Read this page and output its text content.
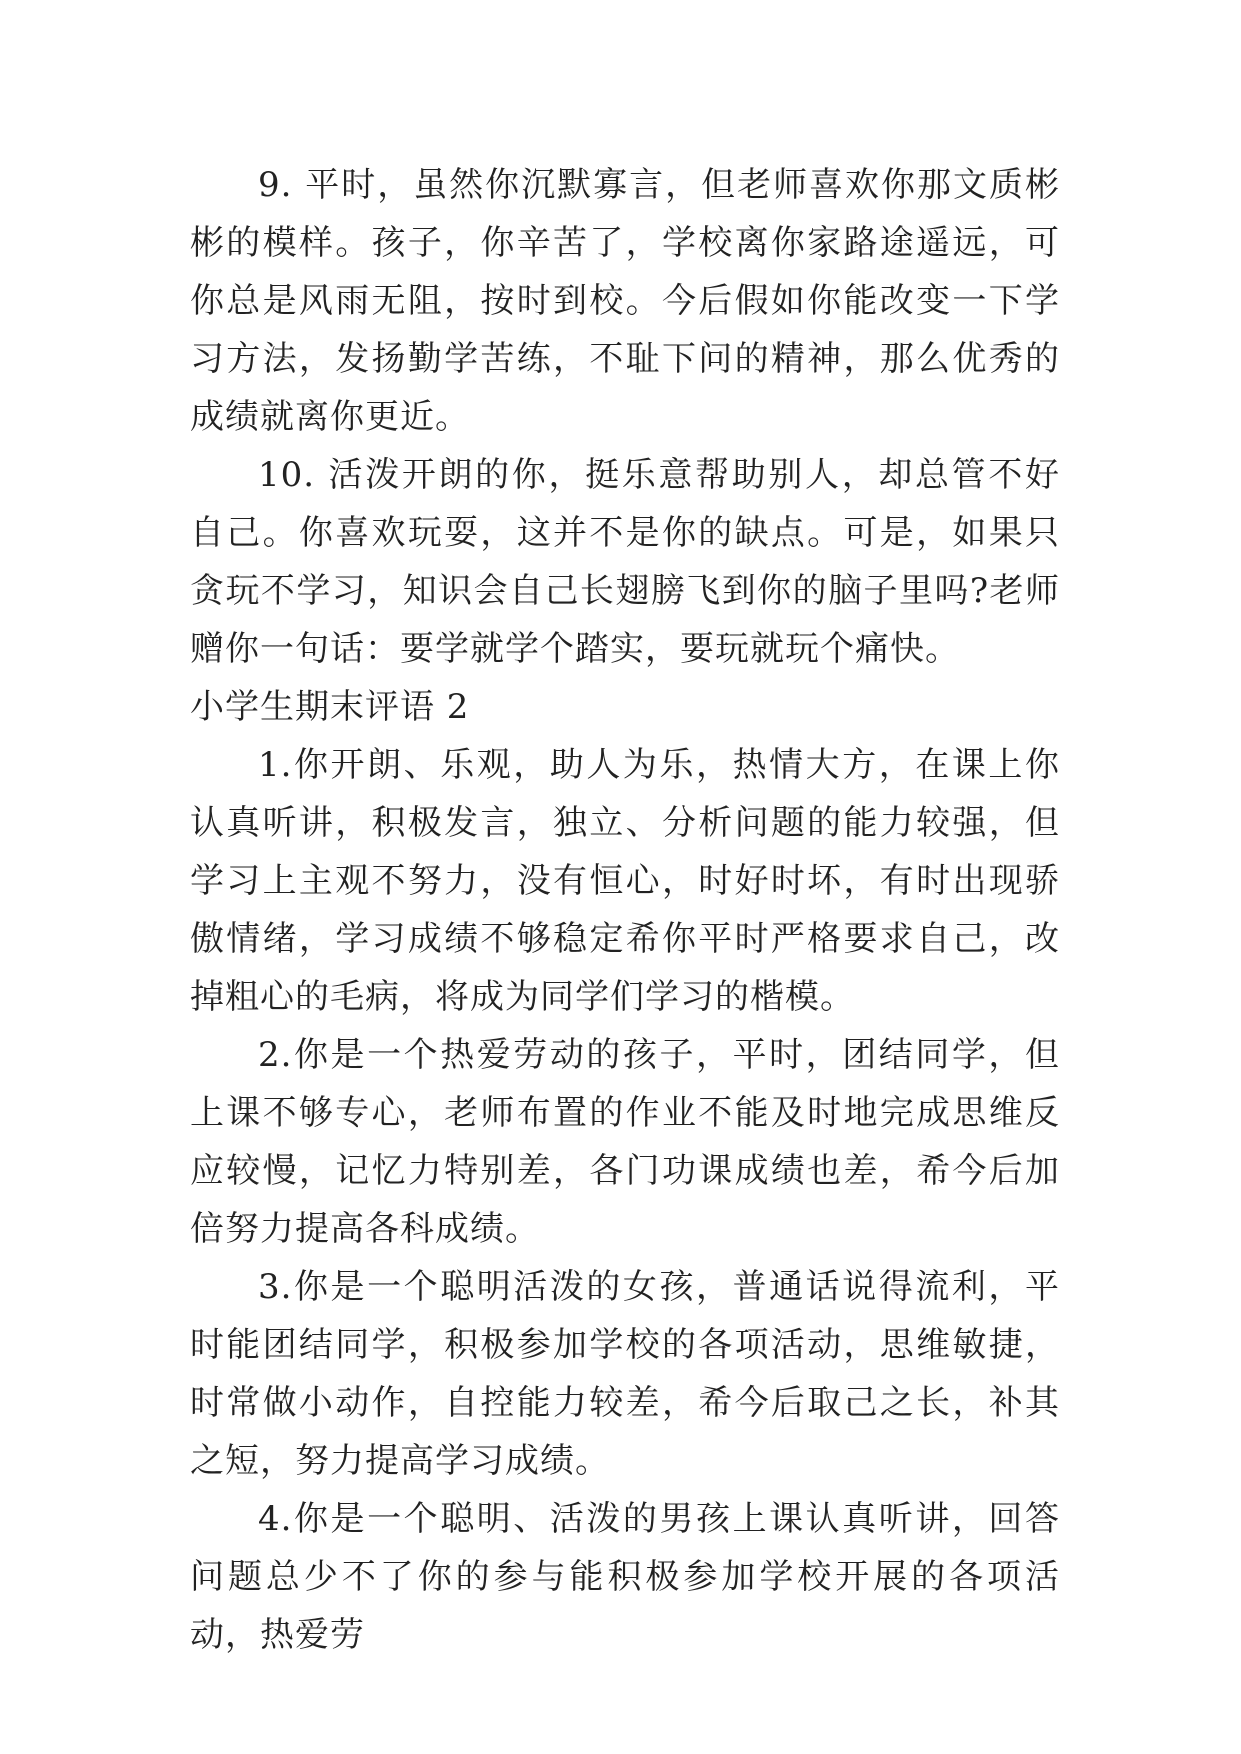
9. 平时，虽然你沉默寡言，但老师喜欢你那文质彬彬的模样。孩子，你辛苦了，学校离你家路途遥远，可你总是风雨无阻，按时到校。今后假如你能改变一下学习方法，发扬勤学苦练，不耻下问的精神，那么优秀的成绩就离你更近。

10. 活泼开朗的你，挺乐意帮助别人，却总管不好自己。你喜欢玩耍，这并不是你的缺点。可是，如果只贪玩不学习，知识会自己长翅膀飞到你的脑子里吗?老师赠你一句话：要学就学个踏实，要玩就玩个痛快。

小学生期末评语 2

1.你开朗、乐观，助人为乐，热情大方，在课上你认真听讲，积极发言，独立、分析问题的能力较强，但学习上主观不努力，没有恒心，时好时坏，有时出现骄傲情绪，学习成绩不够稳定希你平时严格要求自己，改掉粗心的毛病，将成为同学们学习的楷模。

2.你是一个热爱劳动的孩子，平时，团结同学，但上课不够专心，老师布置的作业不能及时地完成思维反应较慢，记忆力特别差，各门功课成绩也差，希今后加倍努力提高各科成绩。

3.你是一个聪明活泼的女孩，普通话说得流利，平时能团结同学，积极参加学校的各项活动，思维敏捷，时常做小动作，自控能力较差，希今后取己之长，补其之短，努力提高学习成绩。

4.你是一个聪明、活泼的男孩上课认真听讲，回答问题总少不了你的参与能积极参加学校开展的各项活动，热爱劳
